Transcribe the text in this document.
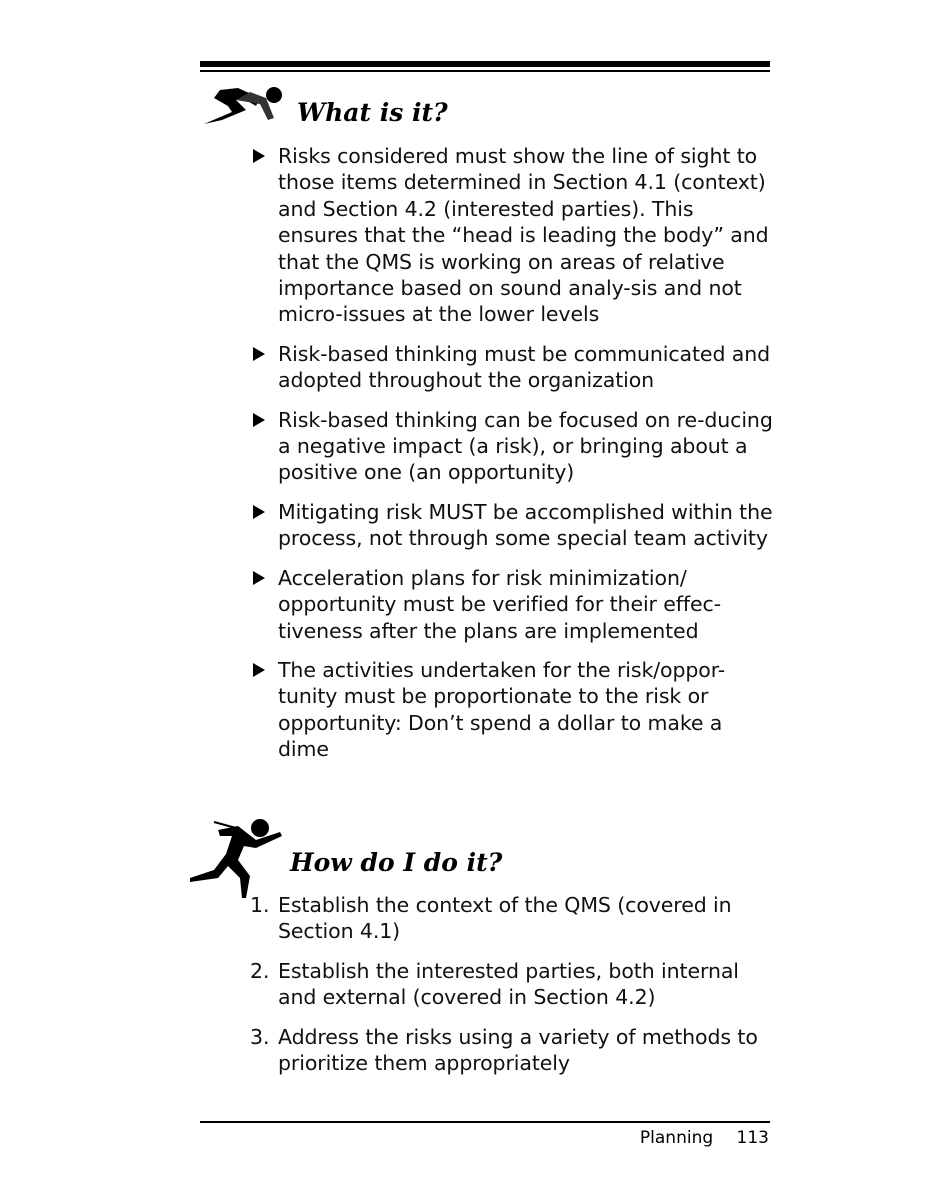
What is it?
Risks considered must show the line of sight to those items determined in Section 4.1 (context) and Section 4.2 (interested parties). This ensures that the “head is leading the body” and that the QMS is working on areas of relative importance based on sound analy-sis and not micro-issues at the lower levels
Risk-based thinking must be communicated and adopted throughout the organization
Risk-based thinking can be focused on re-ducing a negative impact (a risk), or bringing about a positive one (an opportunity)
Mitigating risk MUST be accomplished within the process, not through some special team activity
Acceleration plans for risk minimization/ opportunity must be verified for their effec-tiveness after the plans are implemented
The activities undertaken for the risk/oppor-tunity must be proportionate to the risk or opportunity: Don’t spend a dollar to make a dime
How do I do it?
1. Establish the context of the QMS (covered in Section 4.1)
2. Establish the interested parties, both internal and external (covered in Section 4.2)
3. Address the risks using a variety of methods to prioritize them appropriately
Planning 113
